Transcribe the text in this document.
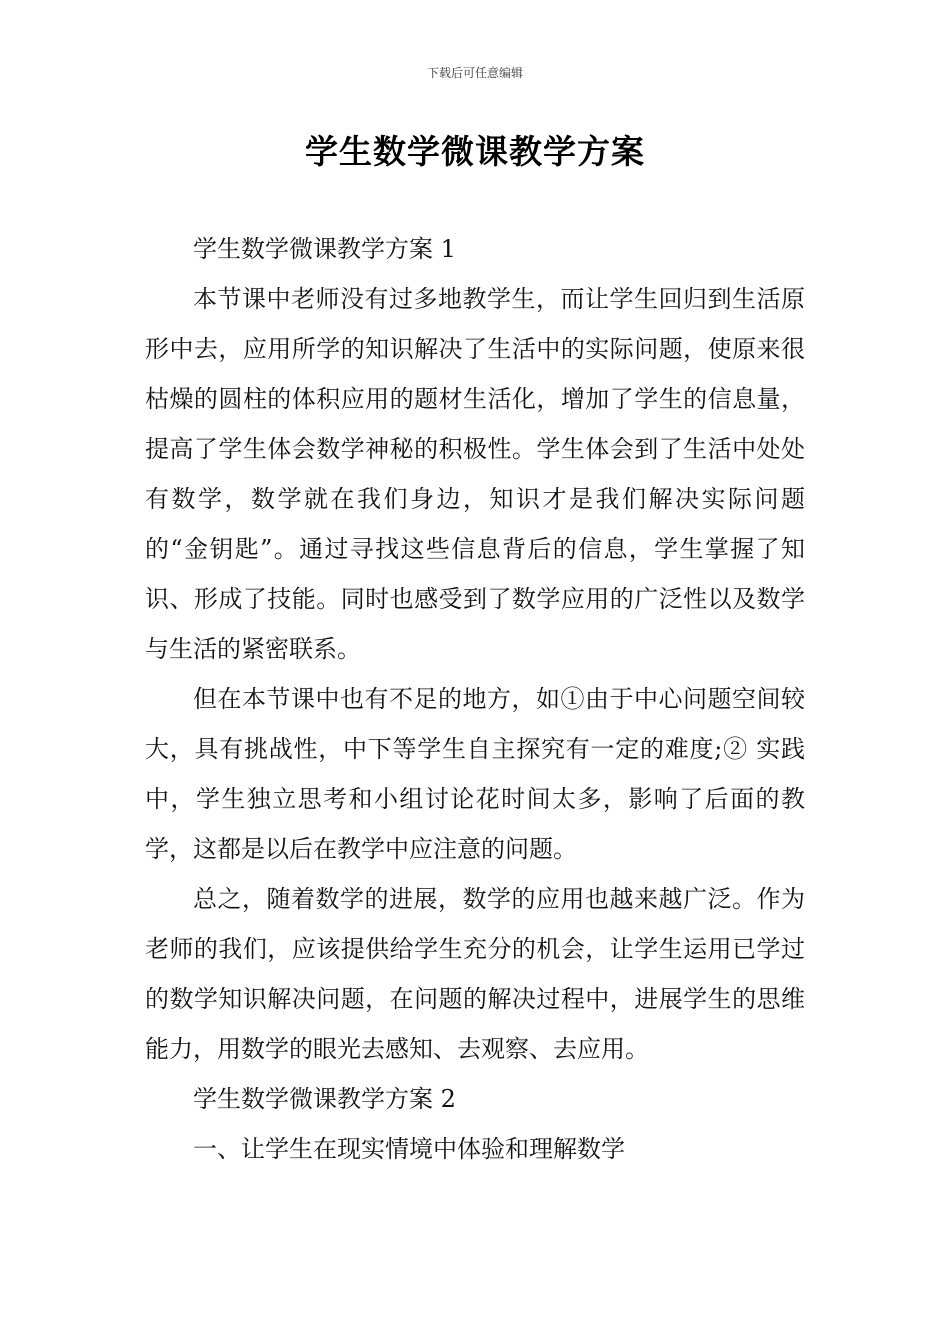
下载后可任意编辑
学生数学微课教学方案

学生数学微课教学方案 1

本节课中老师没有过多地教学生，而让学生回归到生活原形中去，应用所学的知识解决了生活中的实际问题，使原来很枯燥的圆柱的体积应用的题材生活化，增加了学生的信息量，提高了学生体会数学神秘的积极性。学生体会到了生活中处处有数学，数学就在我们身边，知识才是我们解决实际问题的“金钥匙”。通过寻找这些信息背后的信息，学生掌握了知识、形成了技能。同时也感受到了数学应用的广泛性以及数学与生活的紧密联系。

但在本节课中也有不足的地方，如①由于中心问题空间较大，具有挑战性，中下等学生自主探究有一定的难度;② 实践中，学生独立思考和小组讨论花时间太多，影响了后面的教学，这都是以后在教学中应注意的问题。

总之，随着数学的进展，数学的应用也越来越广泛。作为老师的我们，应该提供给学生充分的机会，让学生运用已学过的数学知识解决问题，在问题的解决过程中，进展学生的思维能力，用数学的眼光去感知、去观察、去应用。

学生数学微课教学方案 2

一、让学生在现实情境中体验和理解数学
